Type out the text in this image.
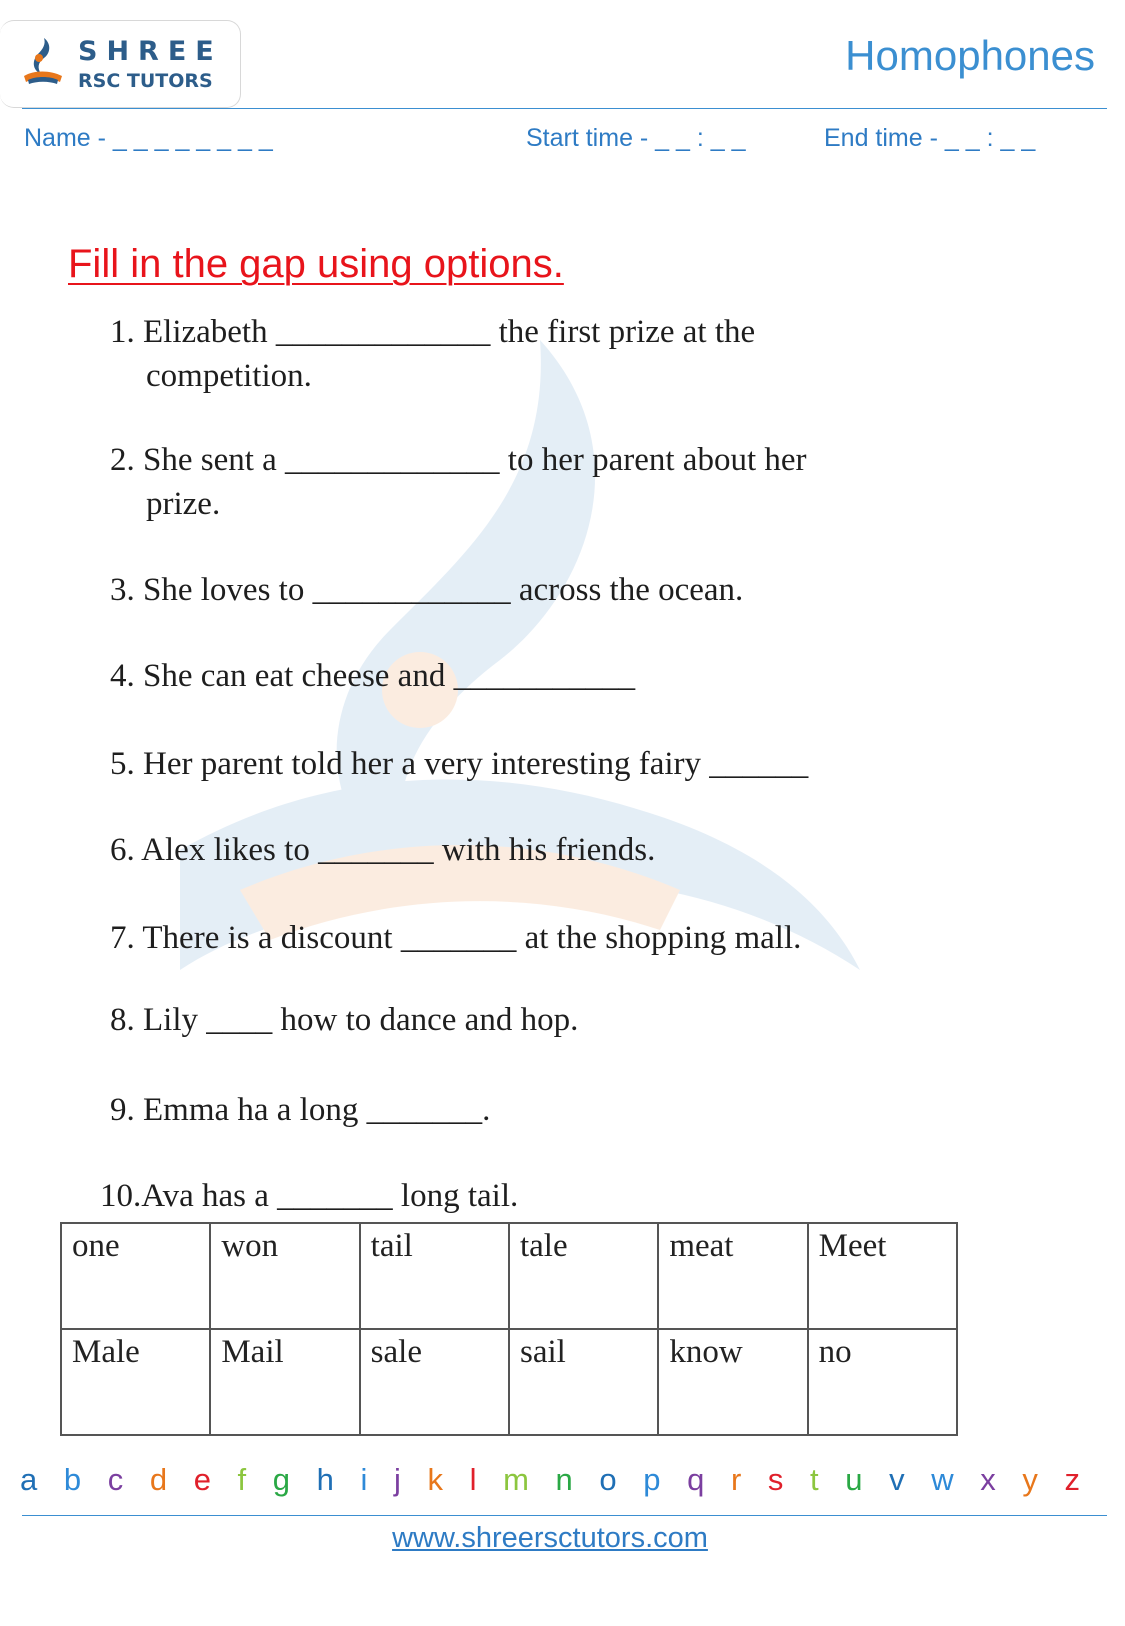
SHREE
RSC TUTORS
Homophones
Name - _ _ _ _ _ _ _ _	Start time - _ _ : _ _	End time - _ _ : _ _
Fill in the gap using options.
1. Elizabeth _____________ the first prize at the
competition.
2. She sent a _____________ to her parent about her
prize.
3. She loves to ____________ across the ocean.
4. She can eat cheese and ___________
5. Her parent told her a very interesting fairy ______
6. Alex likes to _______ with his friends.
7. There is a discount _______ at the shopping mall.
8. Lily ____ how to dance and hop.
9. Emma ha a long _______.
10.Ava has a _______ long tail.
one	won	tail	tale	meat	Meet
Male	Mail	sale	sail	know	no
a b c d e f g h i j k l m n o p q r s t u v w x y z
www.shreersctutors.com
